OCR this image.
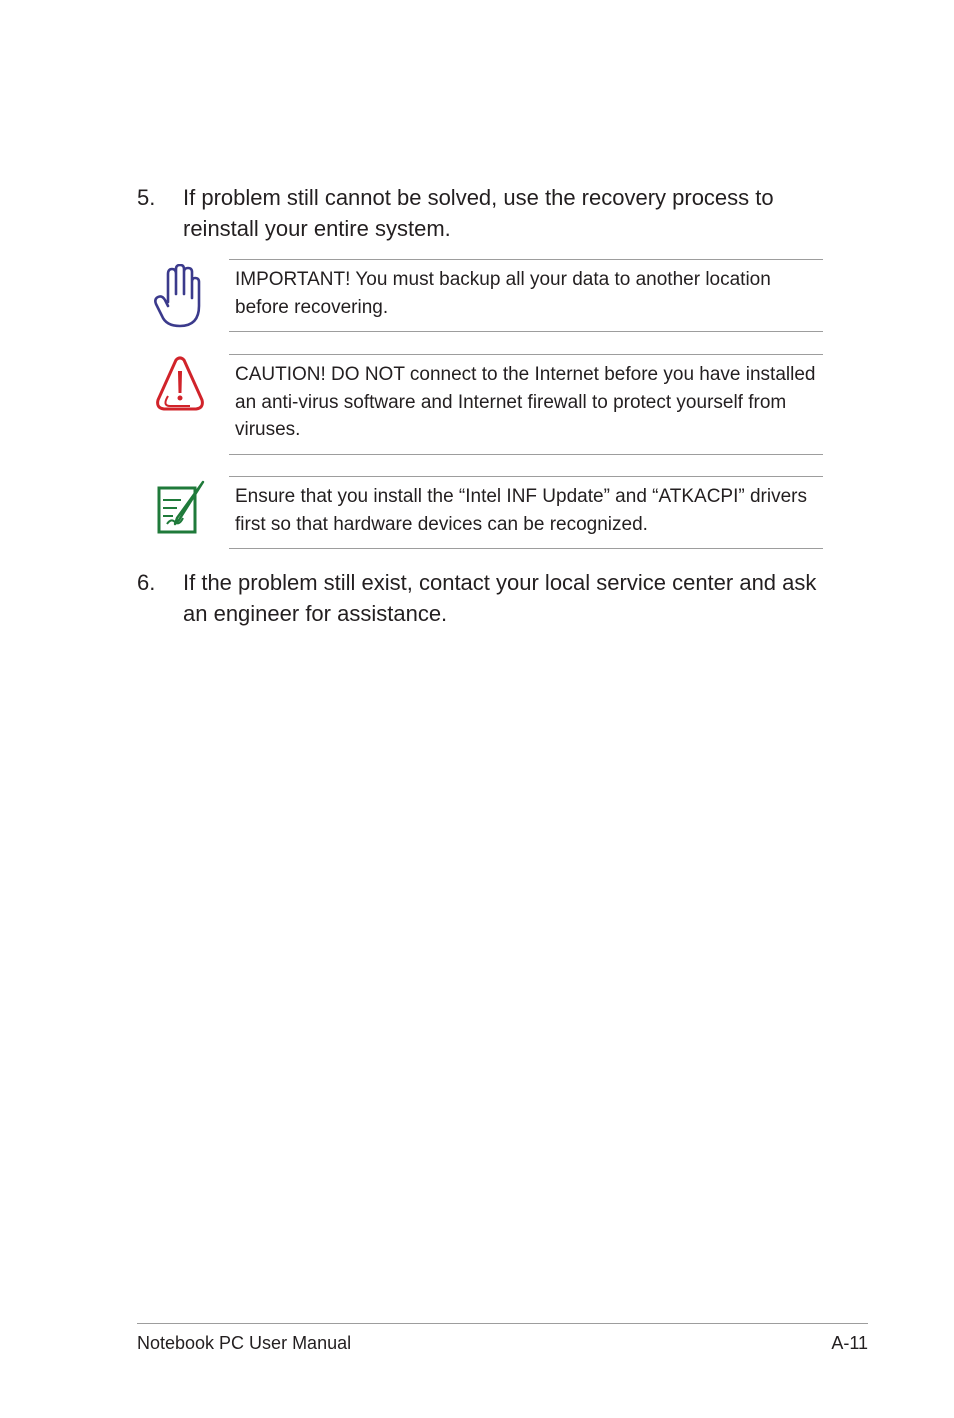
5. If problem still cannot be solved, use the recovery process to reinstall your entire system.
IMPORTANT! You must backup all your data to another location before recovering.
CAUTION! DO NOT connect to the Internet before you have installed an anti-virus software and Internet firewall to protect yourself from viruses.
Ensure that you install the “Intel INF Update” and “ATKACPI” drivers first so that hardware devices can be recognized.
6. If the problem still exist, contact your local service center and ask an engineer for assistance.
Notebook PC User Manual	A-11
